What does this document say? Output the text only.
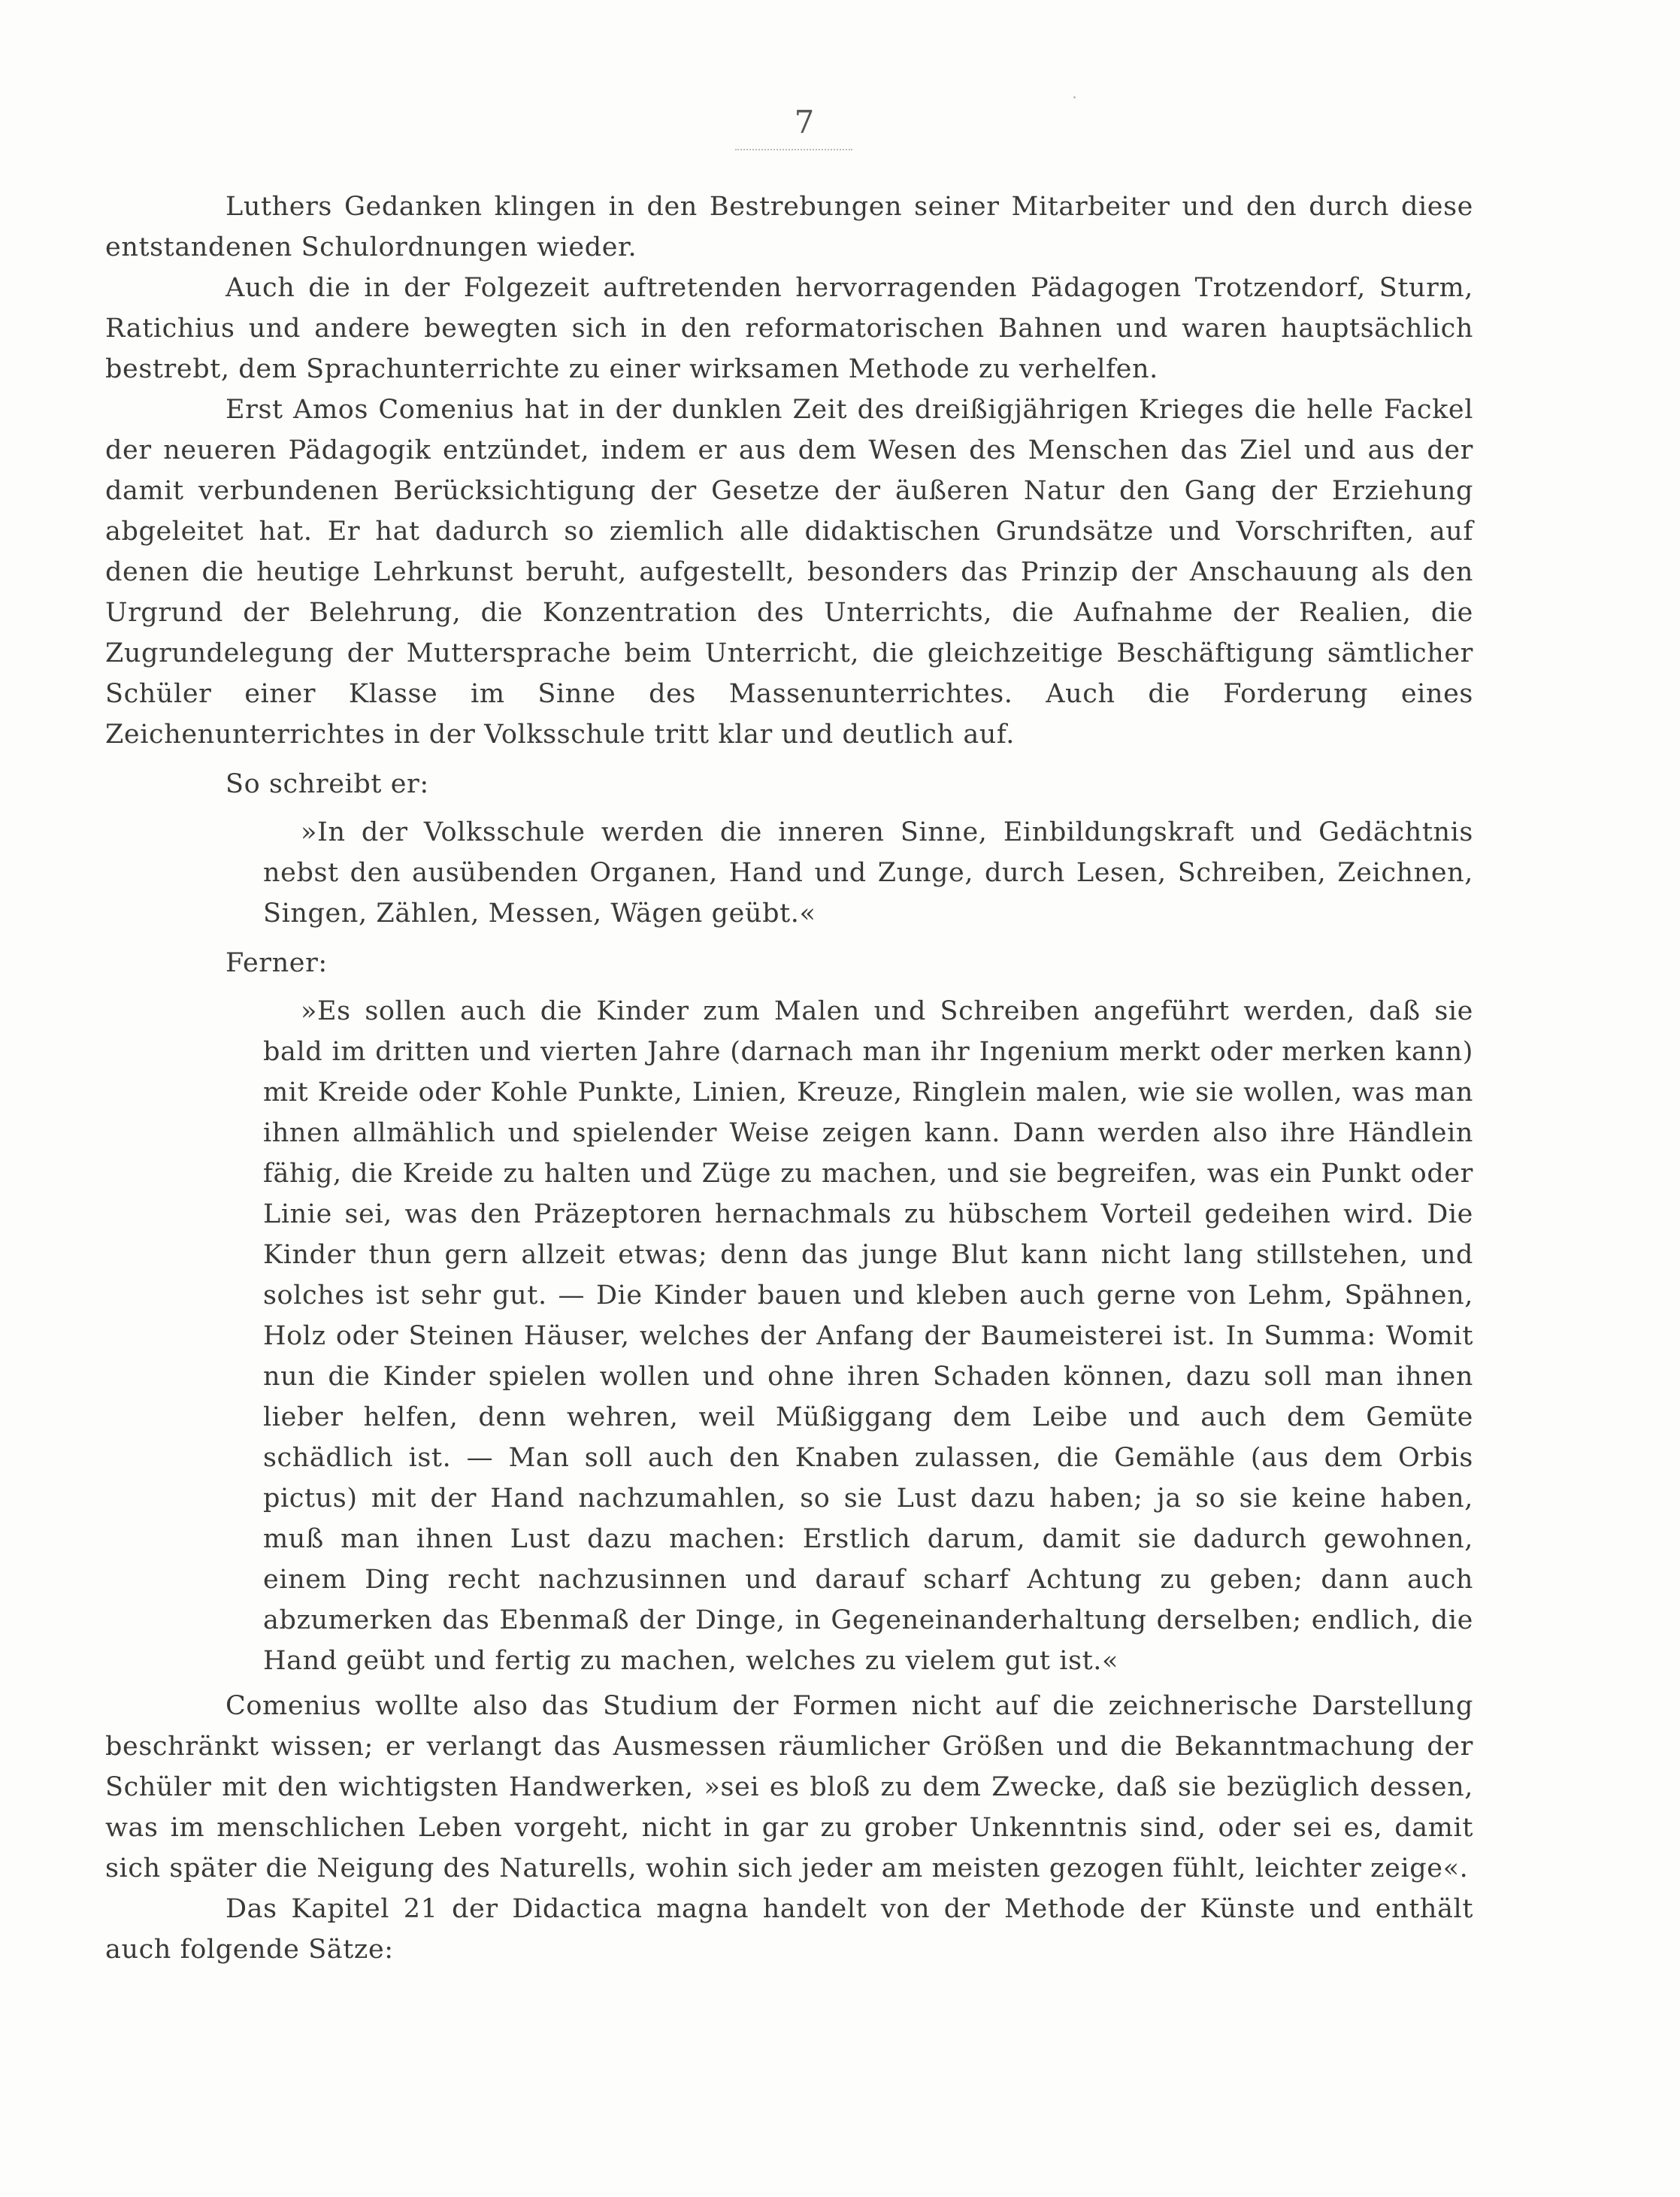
7

Luthers Gedanken klingen in den Bestrebungen seiner Mitarbeiter und den durch diese entstandenen Schulordnungen wieder.

Auch die in der Folgezeit auftretenden hervorragenden Pädagogen Trotzendorf, Sturm, Ratichius und andere bewegten sich in den reformatorischen Bahnen und waren hauptsächlich bestrebt, dem Sprachunterrichte zu einer wirksamen Methode zu verhelfen.

Erst Amos Comenius hat in der dunklen Zeit des dreißigjährigen Krieges die helle Fackel der neueren Pädagogik entzündet, indem er aus dem Wesen des Menschen das Ziel und aus der damit verbundenen Berücksichtigung der Gesetze der äußeren Natur den Gang der Erziehung abgeleitet hat. Er hat dadurch so ziemlich alle didaktischen Grundsätze und Vorschriften, auf denen die heutige Lehrkunst beruht, aufgestellt, besonders das Prinzip der Anschauung als den Urgrund der Belehrung, die Konzentration des Unterrichts, die Aufnahme der Realien, die Zugrundelegung der Muttersprache beim Unterricht, die gleichzeitige Beschäftigung sämtlicher Schüler einer Klasse im Sinne des Massenunterrichtes. Auch die Forderung eines Zeichenunterrichtes in der Volksschule tritt klar und deutlich auf.

So schreibt er:

»In der Volksschule werden die inneren Sinne, Einbildungskraft und Gedächtnis nebst den ausübenden Organen, Hand und Zunge, durch Lesen, Schreiben, Zeichnen, Singen, Zählen, Messen, Wägen geübt.«

Ferner:

»Es sollen auch die Kinder zum Malen und Schreiben angeführt werden, daß sie bald im dritten und vierten Jahre (darnach man ihr Ingenium merkt oder merken kann) mit Kreide oder Kohle Punkte, Linien, Kreuze, Ringlein malen, wie sie wollen, was man ihnen allmählich und spielender Weise zeigen kann. Dann werden also ihre Händlein fähig, die Kreide zu halten und Züge zu machen, und sie begreifen, was ein Punkt oder Linie sei, was den Präzeptoren hernachmals zu hübschem Vorteil gedeihen wird. Die Kinder thun gern allzeit etwas; denn das junge Blut kann nicht lang stillstehen, und solches ist sehr gut. — Die Kinder bauen und kleben auch gerne von Lehm, Spähnen, Holz oder Steinen Häuser, welches der Anfang der Baumeisterei ist. In Summa: Womit nun die Kinder spielen wollen und ohne ihren Schaden können, dazu soll man ihnen lieber helfen, denn wehren, weil Müßiggang dem Leibe und auch dem Gemüte schädlich ist. — Man soll auch den Knaben zulassen, die Gemähle (aus dem Orbis pictus) mit der Hand nachzumahlen, so sie Lust dazu haben; ja so sie keine haben, muß man ihnen Lust dazu machen: Erstlich darum, damit sie dadurch gewohnen, einem Ding recht nachzusinnen und darauf scharf Achtung zu geben; dann auch abzumerken das Ebenmaß der Dinge, in Gegeneinanderhaltung derselben; endlich, die Hand geübt und fertig zu machen, welches zu vielem gut ist.«

Comenius wollte also das Studium der Formen nicht auf die zeichnerische Darstellung beschränkt wissen; er verlangt das Ausmessen räumlicher Größen und die Bekanntmachung der Schüler mit den wichtigsten Handwerken, »sei es bloß zu dem Zwecke, daß sie bezüglich dessen, was im menschlichen Leben vorgeht, nicht in gar zu grober Unkenntnis sind, oder sei es, damit sich später die Neigung des Naturells, wohin sich jeder am meisten gezogen fühlt, leichter zeige«.

Das Kapitel 21 der Didactica magna handelt von der Methode der Künste und enthält auch folgende Sätze:
